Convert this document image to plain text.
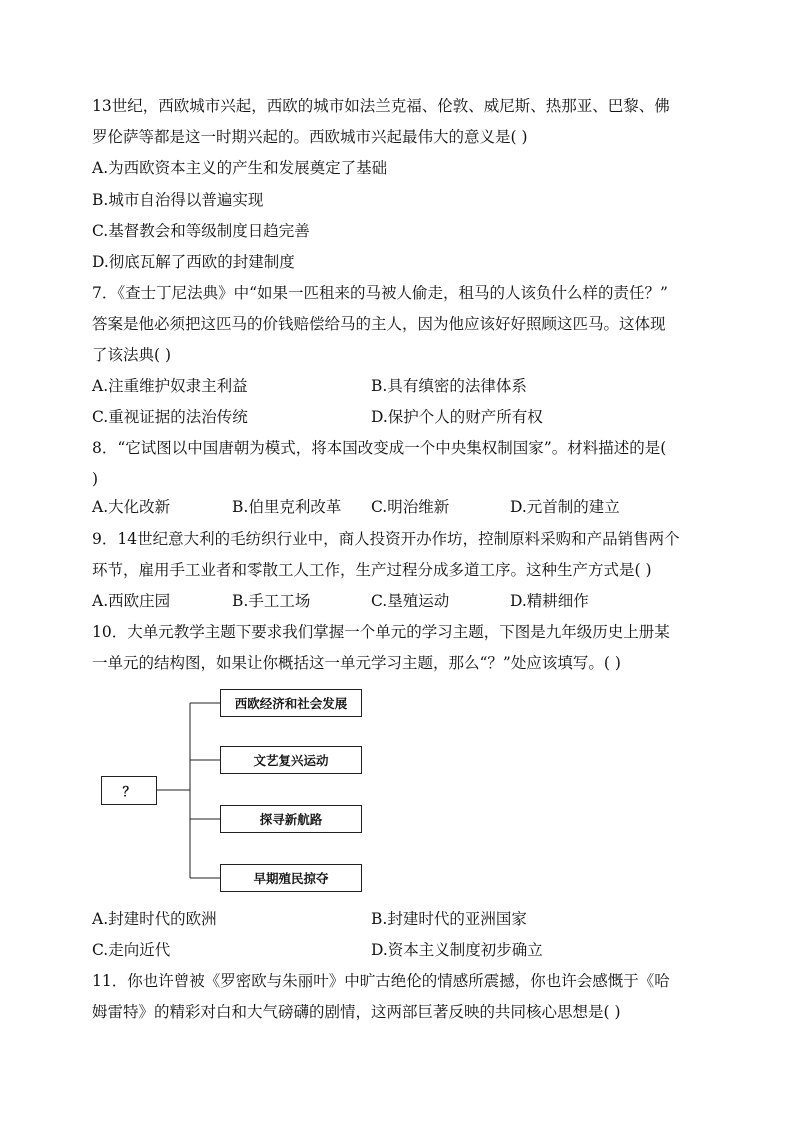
13世纪，西欧城市兴起，西欧的城市如法兰克福、伦敦、威尼斯、热那亚、巴黎、佛
罗伦萨等都是这一时期兴起的。西欧城市兴起最伟大的意义是( )
A.为西欧资本主义的产生和发展奠定了基础
B.城市自治得以普遍实现
C.基督教会和等级制度日趋完善
D.彻底瓦解了西欧的封建制度
7．《查士丁尼法典》中“如果一匹租来的马被人偷走，租马的人该负什么样的责任？”
答案是他必须把这匹马的价钱赔偿给马的主人，因为他应该好好照顾这匹马。这体现
了该法典( )
A.注重维护奴隶主利益	B.具有缜密的法律体系
C.重视证据的法治传统	D.保护个人的财产所有权
8．“它试图以中国唐朝为模式，将本国改变成一个中央集权制国家”。材料描述的是(
)
A.大化改新	B.伯里克利改革 C.明治维新	D.元首制的建立
9．14世纪意大利的毛纺织行业中，商人投资开办作坊，控制原料采购和产品销售两个
环节，雇用手工业者和零散工人工作，生产过程分成多道工序。这种生产方式是( )
A.西欧庄园	B.手工工场	C.垦殖运动	D.精耕细作
10．大单元教学主题下要求我们掌握一个单元的学习主题，下图是九年级历史上册某
一单元的结构图，如果让你概括这一单元学习主题，那么“？”处应该填写。( )
？
西欧经济和社会发展
文艺复兴运动
探寻新航路
早期殖民掠夺
A.封建时代的欧洲	B.封建时代的亚洲国家
C.走向近代	D.资本主义制度初步确立
11．你也许曾被《罗密欧与朱丽叶》中旷古绝伦的情感所震撼，你也许会感慨于《哈
姆雷特》的精彩对白和大气磅礴的剧情，这两部巨著反映的共同核心思想是( )
